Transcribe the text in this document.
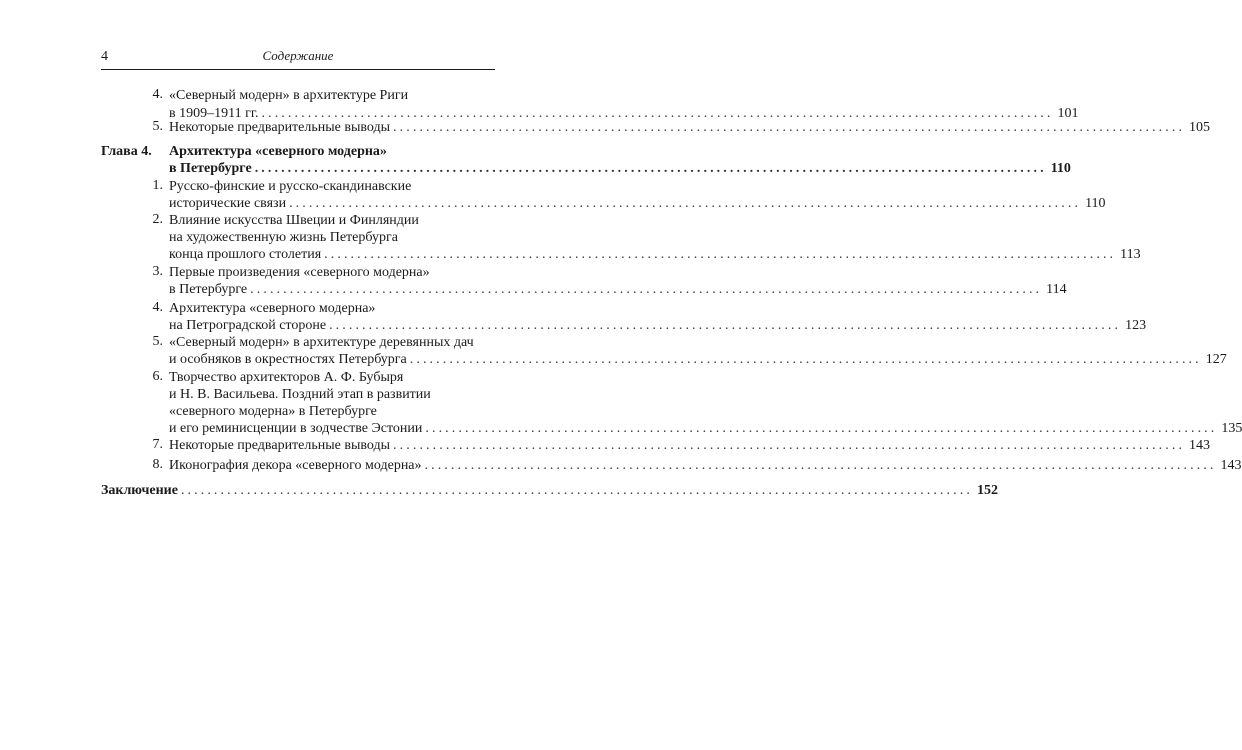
4	Содержание
4. «Северный модерн» в архитектуре Риги
в 1909–1911 гг. ........................................................................................................................ 101
5. Некоторые предварительные выводы ........................................................................................................................ 105
Глава 4. Архитектура «северного модерна»
в Петербурге ........................................................................................................................ 110
1. Русско-финские и русско-скандинавские
исторические связи ........................................................................................................................ 110
2. Влияние искусства Швеции и Финляндии
на художественную жизнь Петербурга
конца прошлого столетия ........................................................................................................................ 113
3. Первые произведения «северного модерна»
в Петербурге ........................................................................................................................ 114
4. Архитектура «северного модерна»
на Петроградской стороне ........................................................................................................................ 123
5. «Северный модерн» в архитектуре деревянных дач
и особняков в окрестностях Петербурга ........................................................................................................................ 127
6. Творчество архитекторов А. Ф. Бубыря
и Н. В. Васильева. Поздний этап в развитии
«северного модерна» в Петербурге
и его реминисценции в зодчестве Эстонии ........................................................................................................................ 135
7. Некоторые предварительные выводы ........................................................................................................................ 143
8. Иконография декора «северного модерна» ........................................................................................................................ 143
Заключение ........................................................................................................................ 152
